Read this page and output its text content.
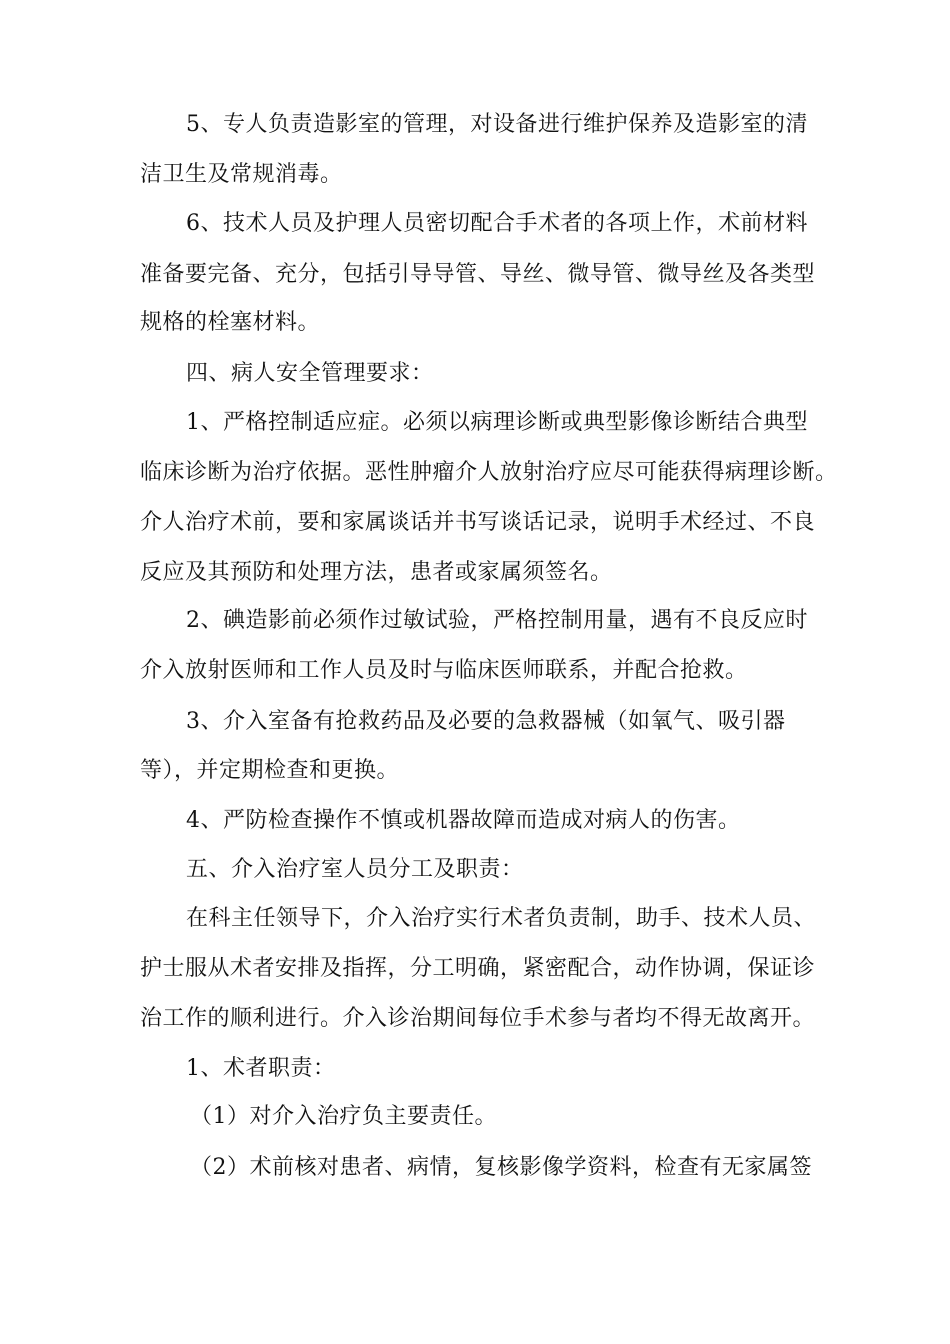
5、专人负责造影室的管理，对设备进行维护保养及造影室的清
洁卫生及常规消毒。
6、技术人员及护理人员密切配合手术者的各项上作，术前材料
准备要完备、充分，包括引导导管、导丝、微导管、微导丝及各类型
规格的栓塞材料。
四、病人安全管理要求：
1、严格控制适应症。必须以病理诊断或典型影像诊断结合典型
临床诊断为治疗依据。恶性肿瘤介人放射治疗应尽可能获得病理诊断。
介人治疗术前，要和家属谈话并书写谈话记录，说明手术经过、不良
反应及其预防和处理方法，患者或家属须签名。
2、碘造影前必须作过敏试验，严格控制用量，遇有不良反应时
介入放射医师和工作人员及时与临床医师联系，并配合抢救。
3、介入室备有抢救药品及必要的急救器械（如氧气、吸引器
等），并定期检查和更换。
4、严防检查操作不慎或机器故障而造成对病人的伤害。
五、介入治疗室人员分工及职责：
在科主任领导下，介入治疗实行术者负责制，助手、技术人员、
护士服从术者安排及指挥，分工明确，紧密配合，动作协调，保证诊
治工作的顺利进行。介入诊治期间每位手术参与者均不得无故离开。
1、术者职责：
（1）对介入治疗负主要责任。
（2）术前核对患者、病情，复核影像学资料，检查有无家属签
